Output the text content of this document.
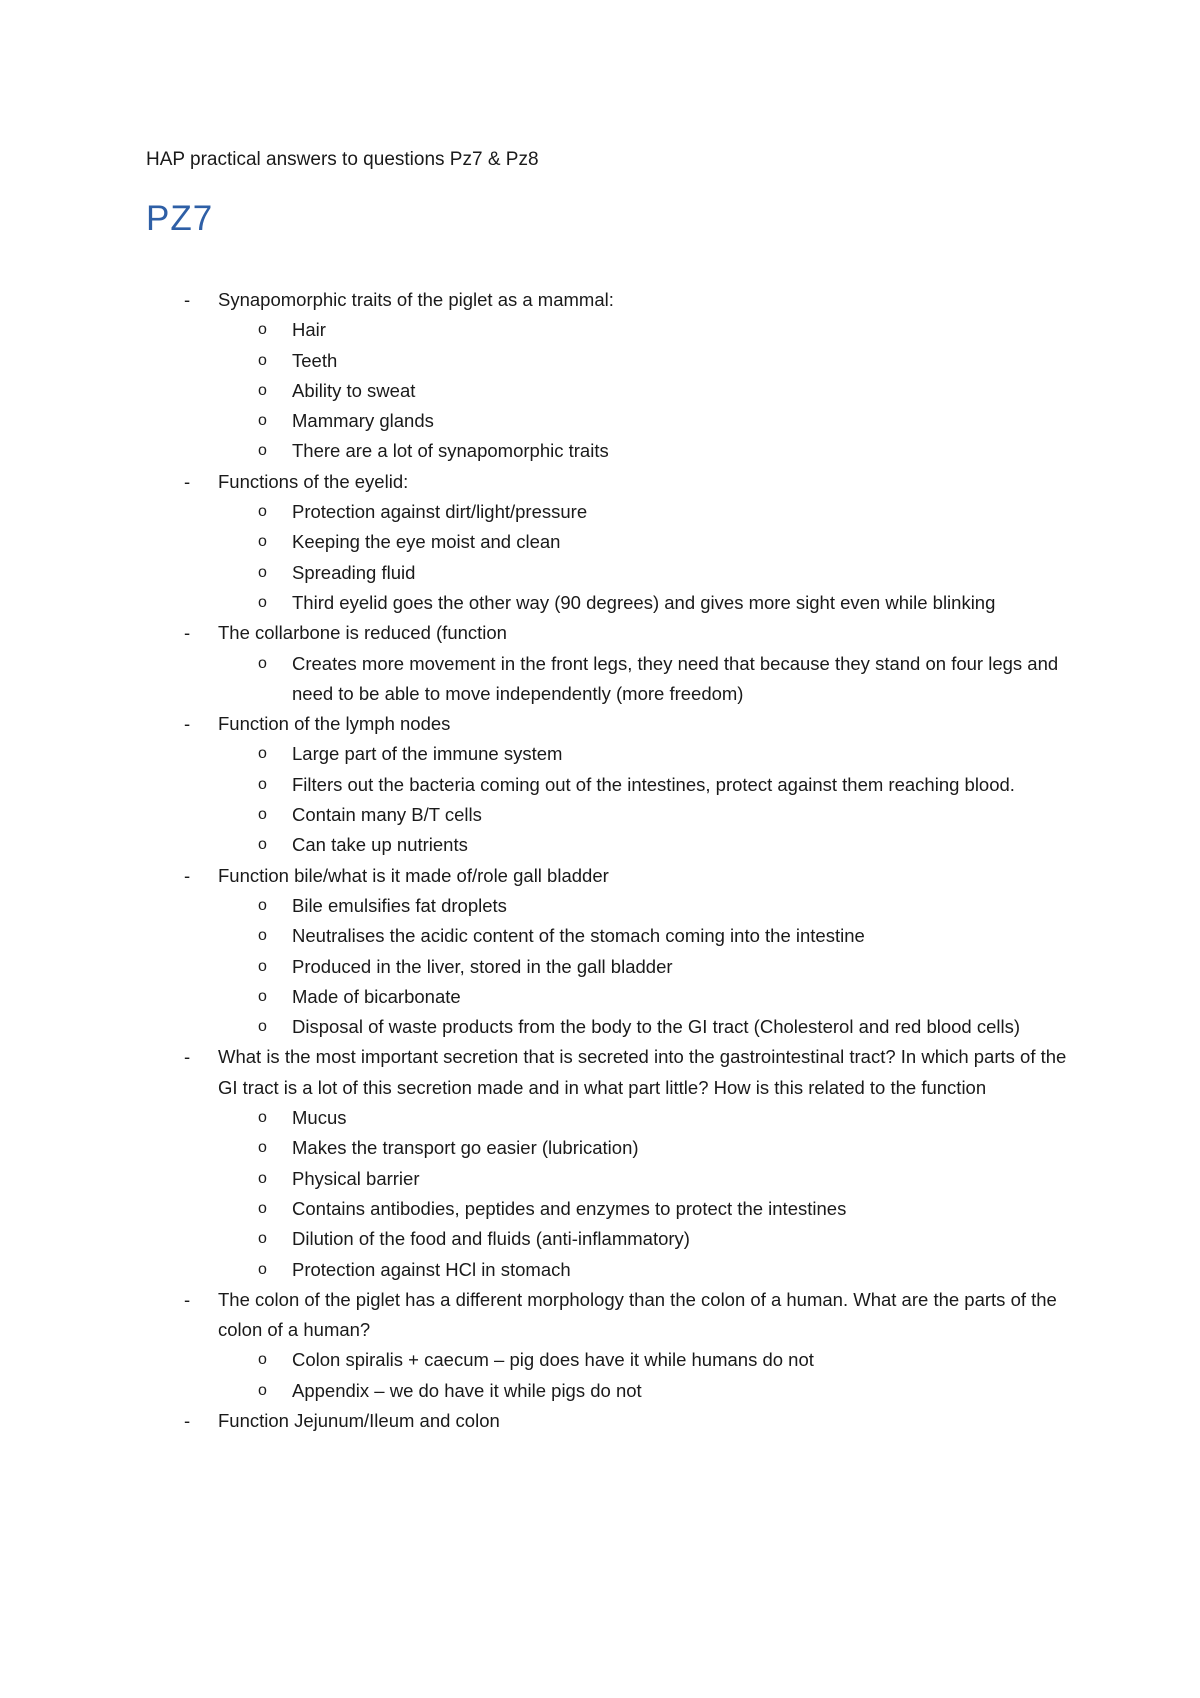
HAP practical answers to questions Pz7 & Pz8
PZ7
- Synapomorphic traits of the piglet as a mammal:
o Hair
o Teeth
o Ability to sweat
o Mammary glands
o There are a lot of synapomorphic traits
- Functions of the eyelid:
o Protection against dirt/light/pressure
o Keeping the eye moist and clean
o Spreading fluid
o Third eyelid goes the other way (90 degrees) and gives more sight even while blinking
- The collarbone is reduced (function
o Creates more movement in the front legs, they need that because they stand on four legs and need to be able to move independently (more freedom)
- Function of the lymph nodes
o Large part of the immune system
o Filters out the bacteria coming out of the intestines, protect against them reaching blood.
o Contain many B/T cells
o Can take up nutrients
- Function bile/what is it made of/role gall bladder
o Bile emulsifies fat droplets
o Neutralises the acidic content of the stomach coming into the intestine
o Produced in the liver, stored in the gall bladder
o Made of bicarbonate
o Disposal of waste products from the body to the GI tract (Cholesterol and red blood cells)
- What is the most important secretion that is secreted into the gastrointestinal tract? In which parts of the GI tract is a lot of this secretion made and in what part little? How is this related to the function
o Mucus
o Makes the transport go easier (lubrication)
o Physical barrier
o Contains antibodies, peptides and enzymes to protect the intestines
o Dilution of the food and fluids (anti-inflammatory)
o Protection against HCl in stomach
- The colon of the piglet has a different morphology than the colon of a human. What are the parts of the colon of a human?
o Colon spiralis + caecum – pig does have it while humans do not
o Appendix – we do have it while pigs do not
- Function Jejunum/Ileum and colon
